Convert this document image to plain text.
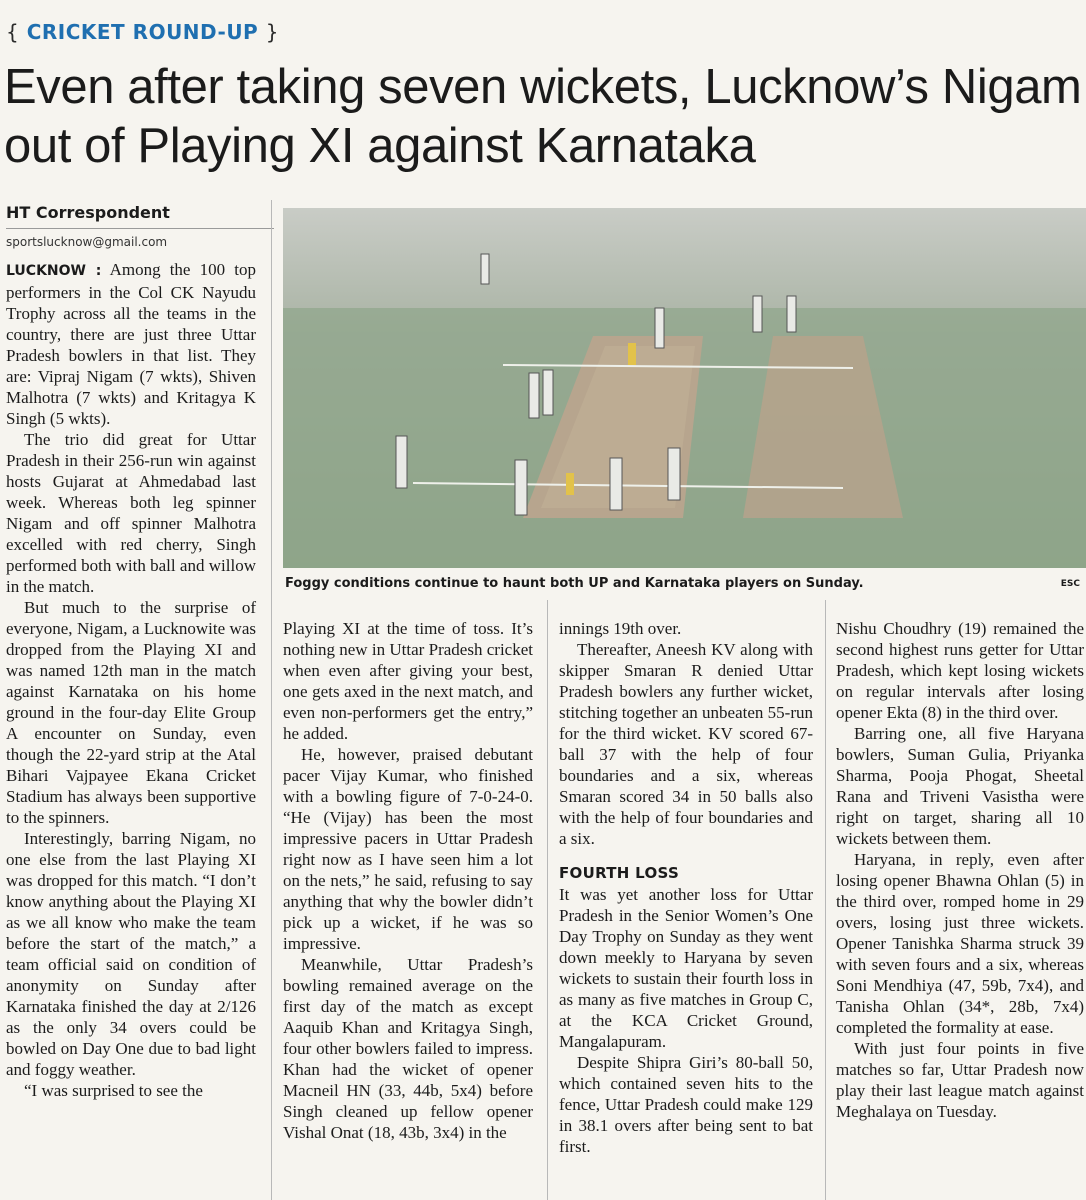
{ CRICKET ROUND-UP }
Even after taking seven wickets, Lucknow’s Nigam out of Playing XI against Karnataka
HT Correspondent
sportslucknow@gmail.com

LUCKNOW : Among the 100 top performers in the Col CK Nayudu Trophy across all the teams in the country, there are just three Uttar Pradesh bowlers in that list. They are: Vipraj Nigam (7 wkts), Shiven Malhotra (7 wkts) and Kritagya K Singh (5 wkts).

The trio did great for Uttar Pradesh in their 256-run win against hosts Gujarat at Ahmedabad last week. Whereas both leg spinner Nigam and off spinner Malhotra excelled with red cherry, Singh performed both with ball and willow in the match.

But much to the surprise of everyone, Nigam, a Lucknowite was dropped from the Playing XI and was named 12th man in the match against Karnataka on his home ground in the four-day Elite Group A encounter on Sunday, even though the 22-yard strip at the Atal Bihari Vajpayee Ekana Cricket Stadium has always been supportive to the spinners.

Interestingly, barring Nigam, no one else from the last Playing XI was dropped for this match. “I don’t know anything about the Playing XI as we all know who make the team before the start of the match,” a team official said on condition of anonymity on Sunday after Karnataka finished the day at 2/126 as the only 34 overs could be bowled on Day One due to bad light and foggy weather.

“I was surprised to see the

Foggy conditions continue to haunt both UP and Karnataka players on Sunday.	ESC

Playing XI at the time of toss. It’s nothing new in Uttar Pradesh cricket when even after giving your best, one gets axed in the next match, and even non-performers get the entry,” he added.

He, however, praised debutant pacer Vijay Kumar, who finished with a bowling figure of 7-0-24-0. “He (Vijay) has been the most impressive pacers in Uttar Pradesh right now as I have seen him a lot on the nets,” he said, refusing to say anything that why the bowler didn’t pick up a wicket, if he was so impressive.

Meanwhile, Uttar Pradesh’s bowling remained average on the first day of the match as except Aaquib Khan and Kritagya Singh, four other bowlers failed to impress. Khan had the wicket of opener Macneil HN (33, 44b, 5x4) before Singh cleaned up fellow opener Vishal Onat (18, 43b, 3x4) in the

innings 19th over.

Thereafter, Aneesh KV along with skipper Smaran R denied Uttar Pradesh bowlers any further wicket, stitching together an unbeaten 55-run for the third wicket. KV scored 67-ball 37 with the help of four boundaries and a six, whereas Smaran scored 34 in 50 balls also with the help of four boundaries and a six.

FOURTH LOSS

It was yet another loss for Uttar Pradesh in the Senior Women’s One Day Trophy on Sunday as they went down meekly to Haryana by seven wickets to sustain their fourth loss in as many as five matches in Group C, at the KCA Cricket Ground, Mangalapuram.

Despite Shipra Giri’s 80-ball 50, which contained seven hits to the fence, Uttar Pradesh could make 129 in 38.1 overs after being sent to bat first.

Nishu Choudhry (19) remained the second highest runs getter for Uttar Pradesh, which kept losing wickets on regular intervals after losing opener Ekta (8) in the third over.

Barring one, all five Haryana bowlers, Suman Gulia, Priyanka Sharma, Pooja Phogat, Sheetal Rana and Triveni Vasistha were right on target, sharing all 10 wickets between them.

Haryana, in reply, even after losing opener Bhawna Ohlan (5) in the third over, romped home in 29 overs, losing just three wickets. Opener Tanishka Sharma struck 39 with seven fours and a six, whereas Soni Mendhiya (47, 59b, 7x4), and Tanisha Ohlan (34*, 28b, 7x4) completed the formality at ease.

With just four points in five matches so far, Uttar Pradesh now play their last league match against Meghalaya on Tuesday.
